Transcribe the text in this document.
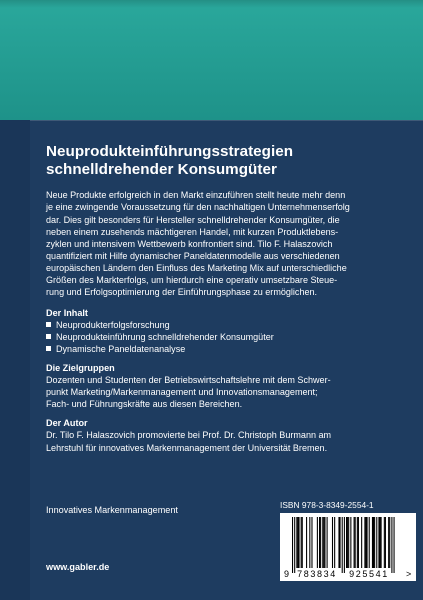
Neuprodukteinführungsstrategien
schnelldrehender Konsumgüter
Neue Produkte erfolgreich in den Markt einzuführen stellt heute mehr denn
je eine zwingende Voraussetzung für den nachhaltigen Unternehmenserfolg
dar. Dies gilt besonders für Hersteller schnelldrehender Konsumgüter, die
neben einem zusehends mächtigeren Handel, mit kurzen Produktlebens-
zyklen und intensivem Wettbewerb konfrontiert sind. Tilo F. Halaszovich
quantifiziert mit Hilfe dynamischer Paneldatenmodelle aus verschiedenen
europäischen Ländern den Einfluss des Marketing Mix auf unterschiedliche
Größen des Markterfolgs, um hierdurch eine operativ umsetzbare Steue-
rung und Erfolgsoptimierung der Einführungsphase zu ermöglichen.
Der Inhalt
Neuprodukterfolgsforschung
Neuprodukteinführung schnelldrehender Konsumgüter
Dynamische Paneldatenanalyse
Die Zielgruppen
Dozenten und Studenten der Betriebswirtschaftslehre mit dem Schwer-
punkt Marketing/Markenmanagement und Innovationsmanagement;
Fach- und Führungskräfte aus diesen Bereichen.
Der Autor
Dr. Tilo F. Halaszovich promovierte bei Prof. Dr. Christoph Burmann am
Lehrstuhl für innovatives Markenmanagement der Universität Bremen.
Innovatives Markenmanagement	ISBN 978-3-8349-2554-1
9 783834 925541 >
www.gabler.de
